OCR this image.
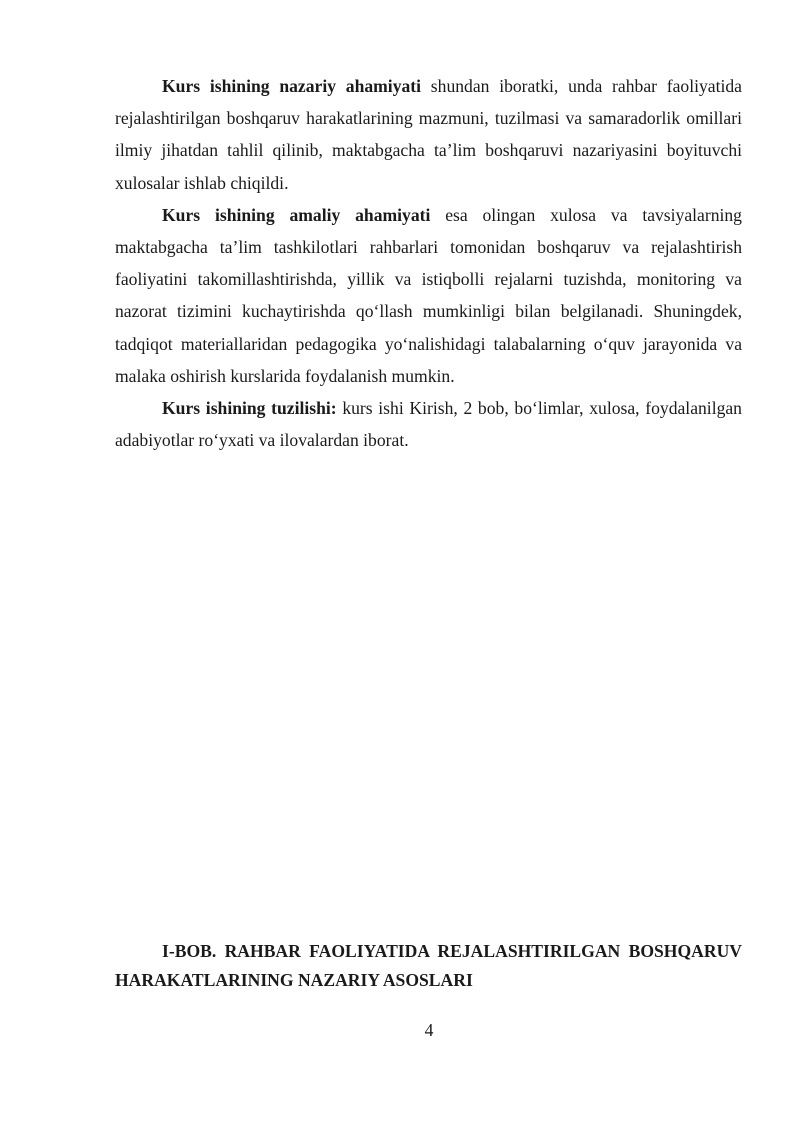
Kurs ishining nazariy ahamiyati shundan iboratki, unda rahbar faoliyatida rejalashtirilgan boshqaruv harakatlarining mazmuni, tuzilmasi va samaradorlik omillari ilmiy jihatdan tahlil qilinib, maktabgacha ta’lim boshqaruvi nazariyasini boyituvchi xulosalar ishlab chiqildi.

Kurs ishining amaliy ahamiyati esa olingan xulosa va tavsiyalarning maktabgacha ta’lim tashkilotlari rahbarlari tomonidan boshqaruv va rejalashtirish faoliyatini takomillashtirishda, yillik va istiqbolli rejalarni tuzishda, monitoring va nazorat tizimini kuchaytirishda qo‘llash mumkinligi bilan belgilanadi. Shuningdek, tadqiqot materiallaridan pedagogika yo‘nalishidagi talabalarning o‘quv jarayonida va malaka oshirish kurslarida foydalanish mumkin.

Kurs ishining tuzilishi: kurs ishi Kirish, 2 bob, bo‘limlar, xulosa, foydalanilgan adabiyotlar ro‘yxati va ilovalardan iborat.

I-BOB. RAHBAR FAOLIYATIDA REJALASHTIRILGAN BOSHQARUV HARAKATLARINING NAZARIY ASOSLARI

4
